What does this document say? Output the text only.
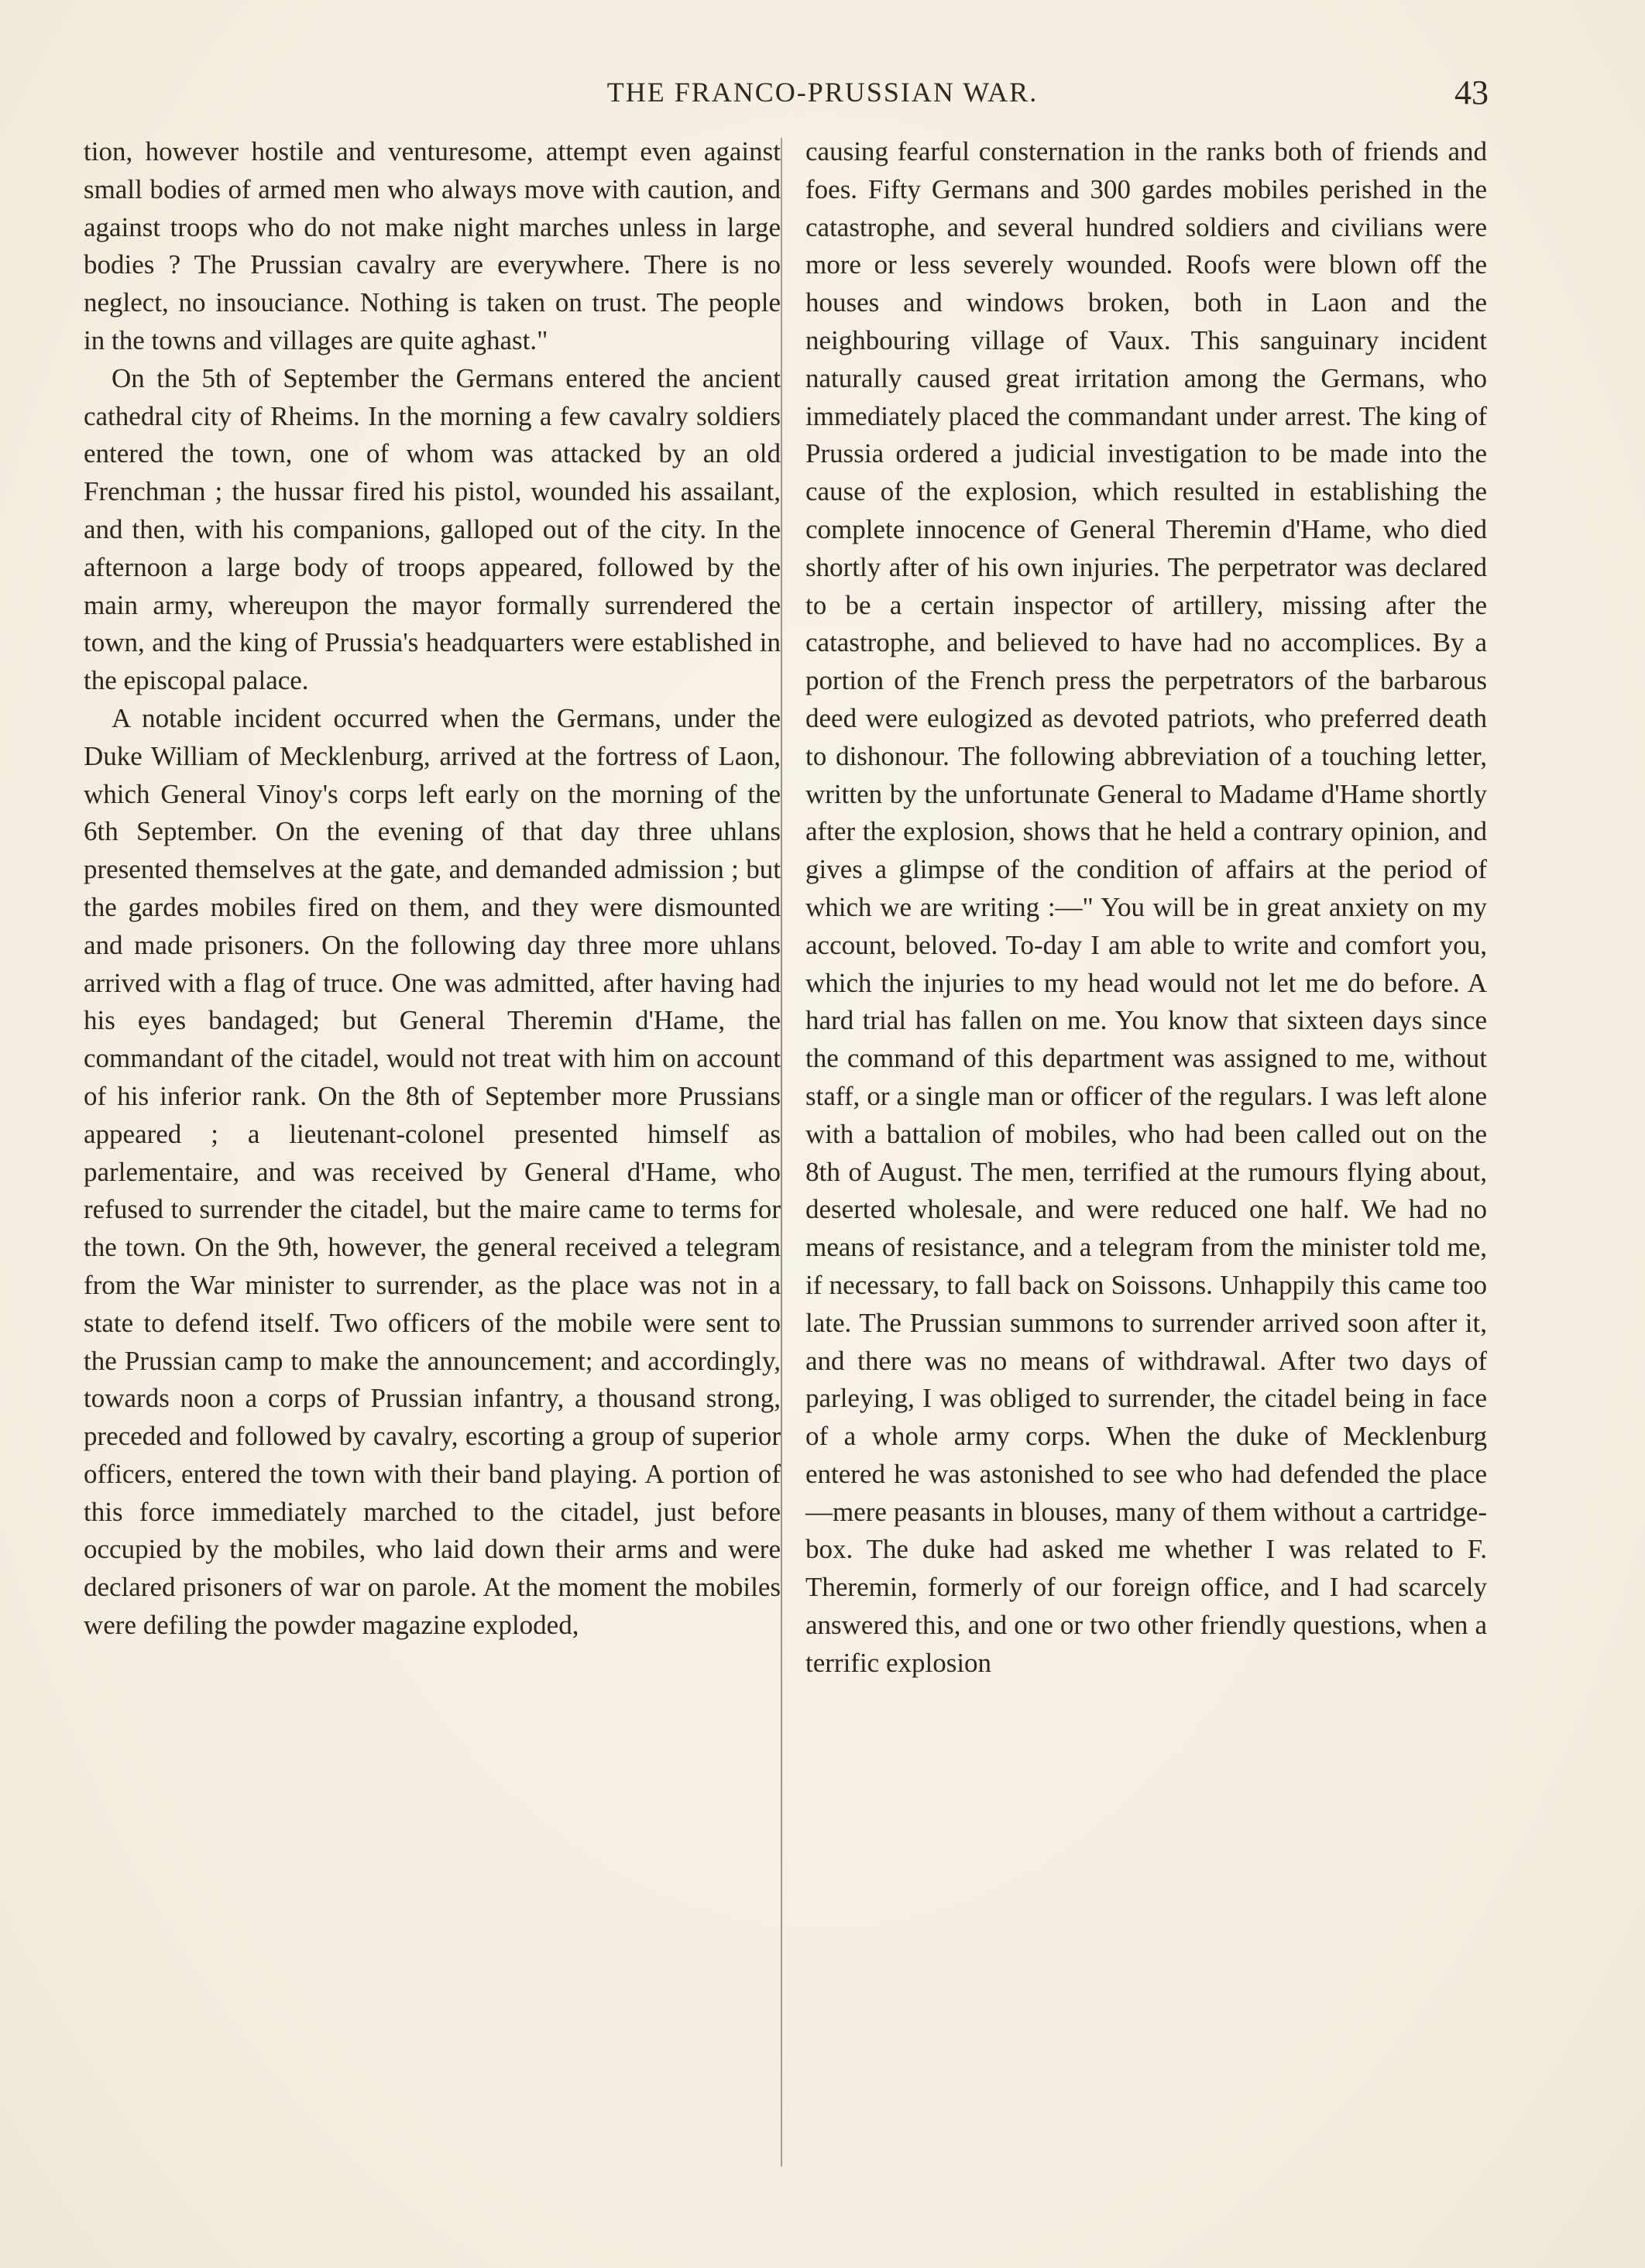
THE FRANCO-PRUSSIAN WAR.	43

tion, however hostile and venturesome, attempt even against small bodies of armed men who always move with caution, and against troops who do not make night marches unless in large bodies ? The Prussian cavalry are everywhere. There is no neglect, no insouciance. Nothing is taken on trust. The people in the towns and villages are quite aghast."

On the 5th of September the Germans entered the ancient cathedral city of Rheims. In the morning a few cavalry soldiers entered the town, one of whom was attacked by an old Frenchman ; the hussar fired his pistol, wounded his assailant, and then, with his companions, galloped out of the city. In the afternoon a large body of troops appeared, followed by the main army, whereupon the mayor formally surrendered the town, and the king of Prussia's headquarters were established in the episcopal palace.

A notable incident occurred when the Germans, under the Duke William of Mecklenburg, arrived at the fortress of Laon, which General Vinoy's corps left early on the morning of the 6th September. On the evening of that day three uhlans presented themselves at the gate, and demanded admission ; but the gardes mobiles fired on them, and they were dismounted and made prisoners. On the following day three more uhlans arrived with a flag of truce. One was admitted, after having had his eyes bandaged; but General Theremin d'Hame, the commandant of the citadel, would not treat with him on account of his inferior rank. On the 8th of September more Prussians appeared ; a lieutenant-colonel presented himself as parlementaire, and was received by General d'Hame, who refused to surrender the citadel, but the maire came to terms for the town. On the 9th, however, the general received a telegram from the War minister to surrender, as the place was not in a state to defend itself. Two officers of the mobile were sent to the Prussian camp to make the announcement; and accordingly, towards noon a corps of Prussian infantry, a thousand strong, preceded and followed by cavalry, escorting a group of superior officers, entered the town with their band playing. A portion of this force immediately marched to the citadel, just before occupied by the mobiles, who laid down their arms and were declared prisoners of war on parole. At the moment the mobiles were defiling the powder magazine exploded,

causing fearful consternation in the ranks both of friends and foes. Fifty Germans and 300 gardes mobiles perished in the catastrophe, and several hundred soldiers and civilians were more or less severely wounded. Roofs were blown off the houses and windows broken, both in Laon and the neighbouring village of Vaux. This sanguinary incident naturally caused great irritation among the Germans, who immediately placed the commandant under arrest. The king of Prussia ordered a judicial investigation to be made into the cause of the explosion, which resulted in establishing the complete innocence of General Theremin d'Hame, who died shortly after of his own injuries. The perpetrator was declared to be a certain inspector of artillery, missing after the catastrophe, and believed to have had no accomplices. By a portion of the French press the perpetrators of the barbarous deed were eulogized as devoted patriots, who preferred death to dishonour. The following abbreviation of a touching letter, written by the unfortunate General to Madame d'Hame shortly after the explosion, shows that he held a contrary opinion, and gives a glimpse of the condition of affairs at the period of which we are writing :—" You will be in great anxiety on my account, beloved. To-day I am able to write and comfort you, which the injuries to my head would not let me do before. A hard trial has fallen on me. You know that sixteen days since the command of this department was assigned to me, without staff, or a single man or officer of the regulars. I was left alone with a battalion of mobiles, who had been called out on the 8th of August. The men, terrified at the rumours flying about, deserted wholesale, and were reduced one half. We had no means of resistance, and a telegram from the minister told me, if necessary, to fall back on Soissons. Unhappily this came too late. The Prussian summons to surrender arrived soon after it, and there was no means of withdrawal. After two days of parleying, I was obliged to surrender, the citadel being in face of a whole army corps. When the duke of Mecklenburg entered he was astonished to see who had defended the place—mere peasants in blouses, many of them without a cartridge-box. The duke had asked me whether I was related to F. Theremin, formerly of our foreign office, and I had scarcely answered this, and one or two other friendly questions, when a terrific explosion
